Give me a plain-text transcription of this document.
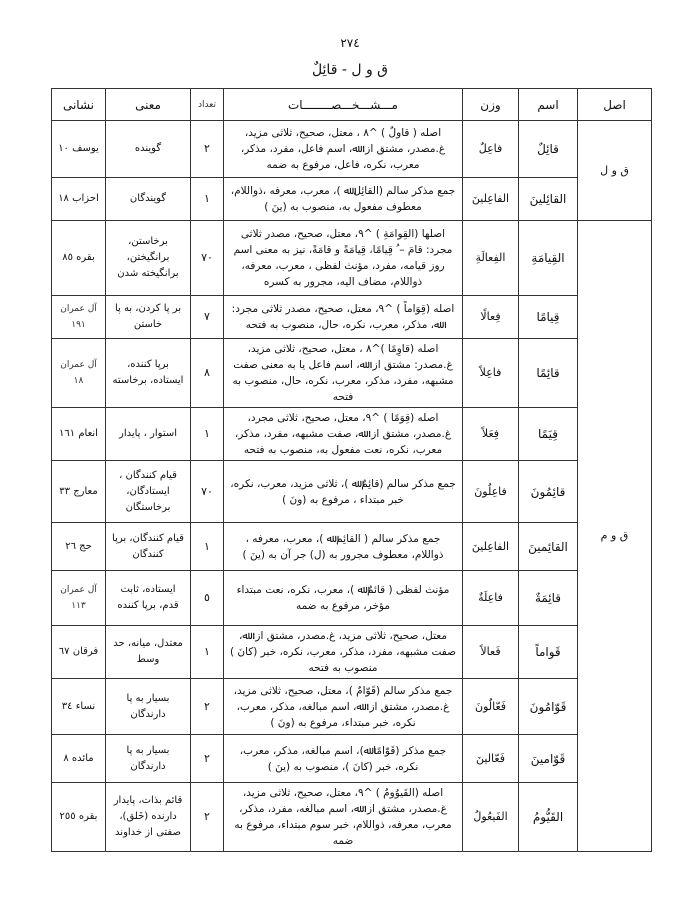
٢٧٤
ق و ل - قائِلٌ
اصل	اسم	وزن	مـــشـــخـــصــــــــات	تعداد	معنی	نشانی
ق و ل	قائِلٌ	فاعِلٌ	اصله ( قاولٌ ) ^٨ ، معتل، صحیح، ثلاثی مزید، غ.مصدر، مشتق از: ﷲ، اسم فاعل، مفرد، مذکر، معرب، نکره، فاعل، مرفوع به ضمه	٢	گوینده	یوسف ١٠
	القائِلینَ	الفاعِلینَ	جمع مذکر سالم (القائِل ﷲ )، معرب، معرفه ،ذواللام، معطوف مفعول به، منصوب به (ینَ )	١	گویندگان	احزاب ١٨
ق و م	القِیامَةِ	الفِعالَةِ	اصلها (القِوامَةِ ) ^٩، معتل، صحیح، مصدر ثلاثی مجرد: قامَ – ُ قِیامًا، قِیامَةً و قامَةً، نیز به معنی اسم روز قیامه، مفرد، مؤنث لفظی ، معرب، معرفه، ذواللام، مضاف الیه، مجرور به کسره	٧٠	برخاستن، برانگیختن، برانگیخته شدن	بقره ٨٥
	قِیامًا	فِعالًا	اصله (قِوَاماً ) ^٩، معتل، صحیح، مصدر ثلاثی مجرد: ﷲ، مذکر، معرب، نکره، حال، منصوب به فتحه	٧	بر پا کردن، به پا خاستن	آل عمران ١٩١
	قائِمًا	فاعِلاً	اصله (قاوِمًا )^٨ ، معتل، صحیح، ثلاثی مزید، غ.مصدر: مشتق از: ﷲ، اسم فاعل یا به معنی صفت مشبهه، مفرد، مذکر، معرب، نکره، حال، منصوب به فتحه	٨	برپا کننده، ایستاده، برخاسته	آل عمران ١٨
	قِیَمًا	فِعَلاً	اصله (قِوَمًا ) ^٩، معتل، صحیح، ثلاثی مجرد، غ.مصدر، مشتق از: ﷲ، صفت مشبهه، مفرد، مذکر، معرب، نکره، نعت مفعول به، منصوب به فتحه	١	استوار ، پایدار	انعام ١٦١
	قائِمُونَ	فاعِلُونَ	جمع مذکر سالم (قائِمٌ ﷲ )، ثلاثی مزید، معرب، نکره، خبر مبتداء ، مرفوع به (ونَ )	٧٠	قیام کنندگان ، ایستادگان، برخاستگان	معارج ٣٣
	القائِمینَ	الفاعِلینَ	جمع مذکر سالم ( القائِم ﷲ )، معرب، معرفه ، ذواللام، معطوف مجرور به (ل) جر آن به (ینَ )	١	قیام کنندگان، برپا کنندگان	حج ٢٦
	قائِمَةٌ	فاعِلَةٌ	مؤنث لفظی ( قائمٌ ﷲ )، معرب، نکره، نعت مبتداء مؤخر، مرفوع به ضمه	٥	ایستاده، ثابت قدم، برپا کننده	آل عمران ١١٣
	قَواماً	فَعالاً	معتل، صحیح، ثلاثی مزید، غ.مصدر، مشتق از: ﷲ، صفت مشبهه، مفرد، مذکر، معرب، نکره، خبر (کانَ ) منصوب به فتحه	١	معتدل، میانه، حد وسط	فرقان ٦٧
	قَوّامُونَ	فَعّالُونَ	جمع مذکر سالم (قَوّامٌ )، معتل، صحیح، ثلاثی مزید، غ.مصدر، مشتق از: ﷲ، اسم مبالغه، مذکر، معرب، نکره، خبر مبتداء، مرفوع به (ونَ )	٢	بسیار به پا دارندگان	نساء ٣٤
	قَوّامینَ	فَعّالینَ	جمع مذکر (قَوّامًا ﷲ)، اسم مبالغه، مذکر، معرب، نکره، خبر (کانَ )، منصوب به (ینَ )	٢	بسیار به پا دارندگان	مائده ٨
	القَیُّومُ	الفَیعُولُ	اصله (القَیوُومُ ) ^٩، معتل، صحیح، ثلاثی مزید، غ.مصدر، مشتق از: ﷲ، اسم مبالغه، مفرد، مذکر، معرب، معرفه، ذواللام، خبر سوم مبتداء، مرفوع به ضمه	٢	قائم بذات، پایدار دارنده (خَلق)، صفتی از خداوند	بقره ٢٥٥
